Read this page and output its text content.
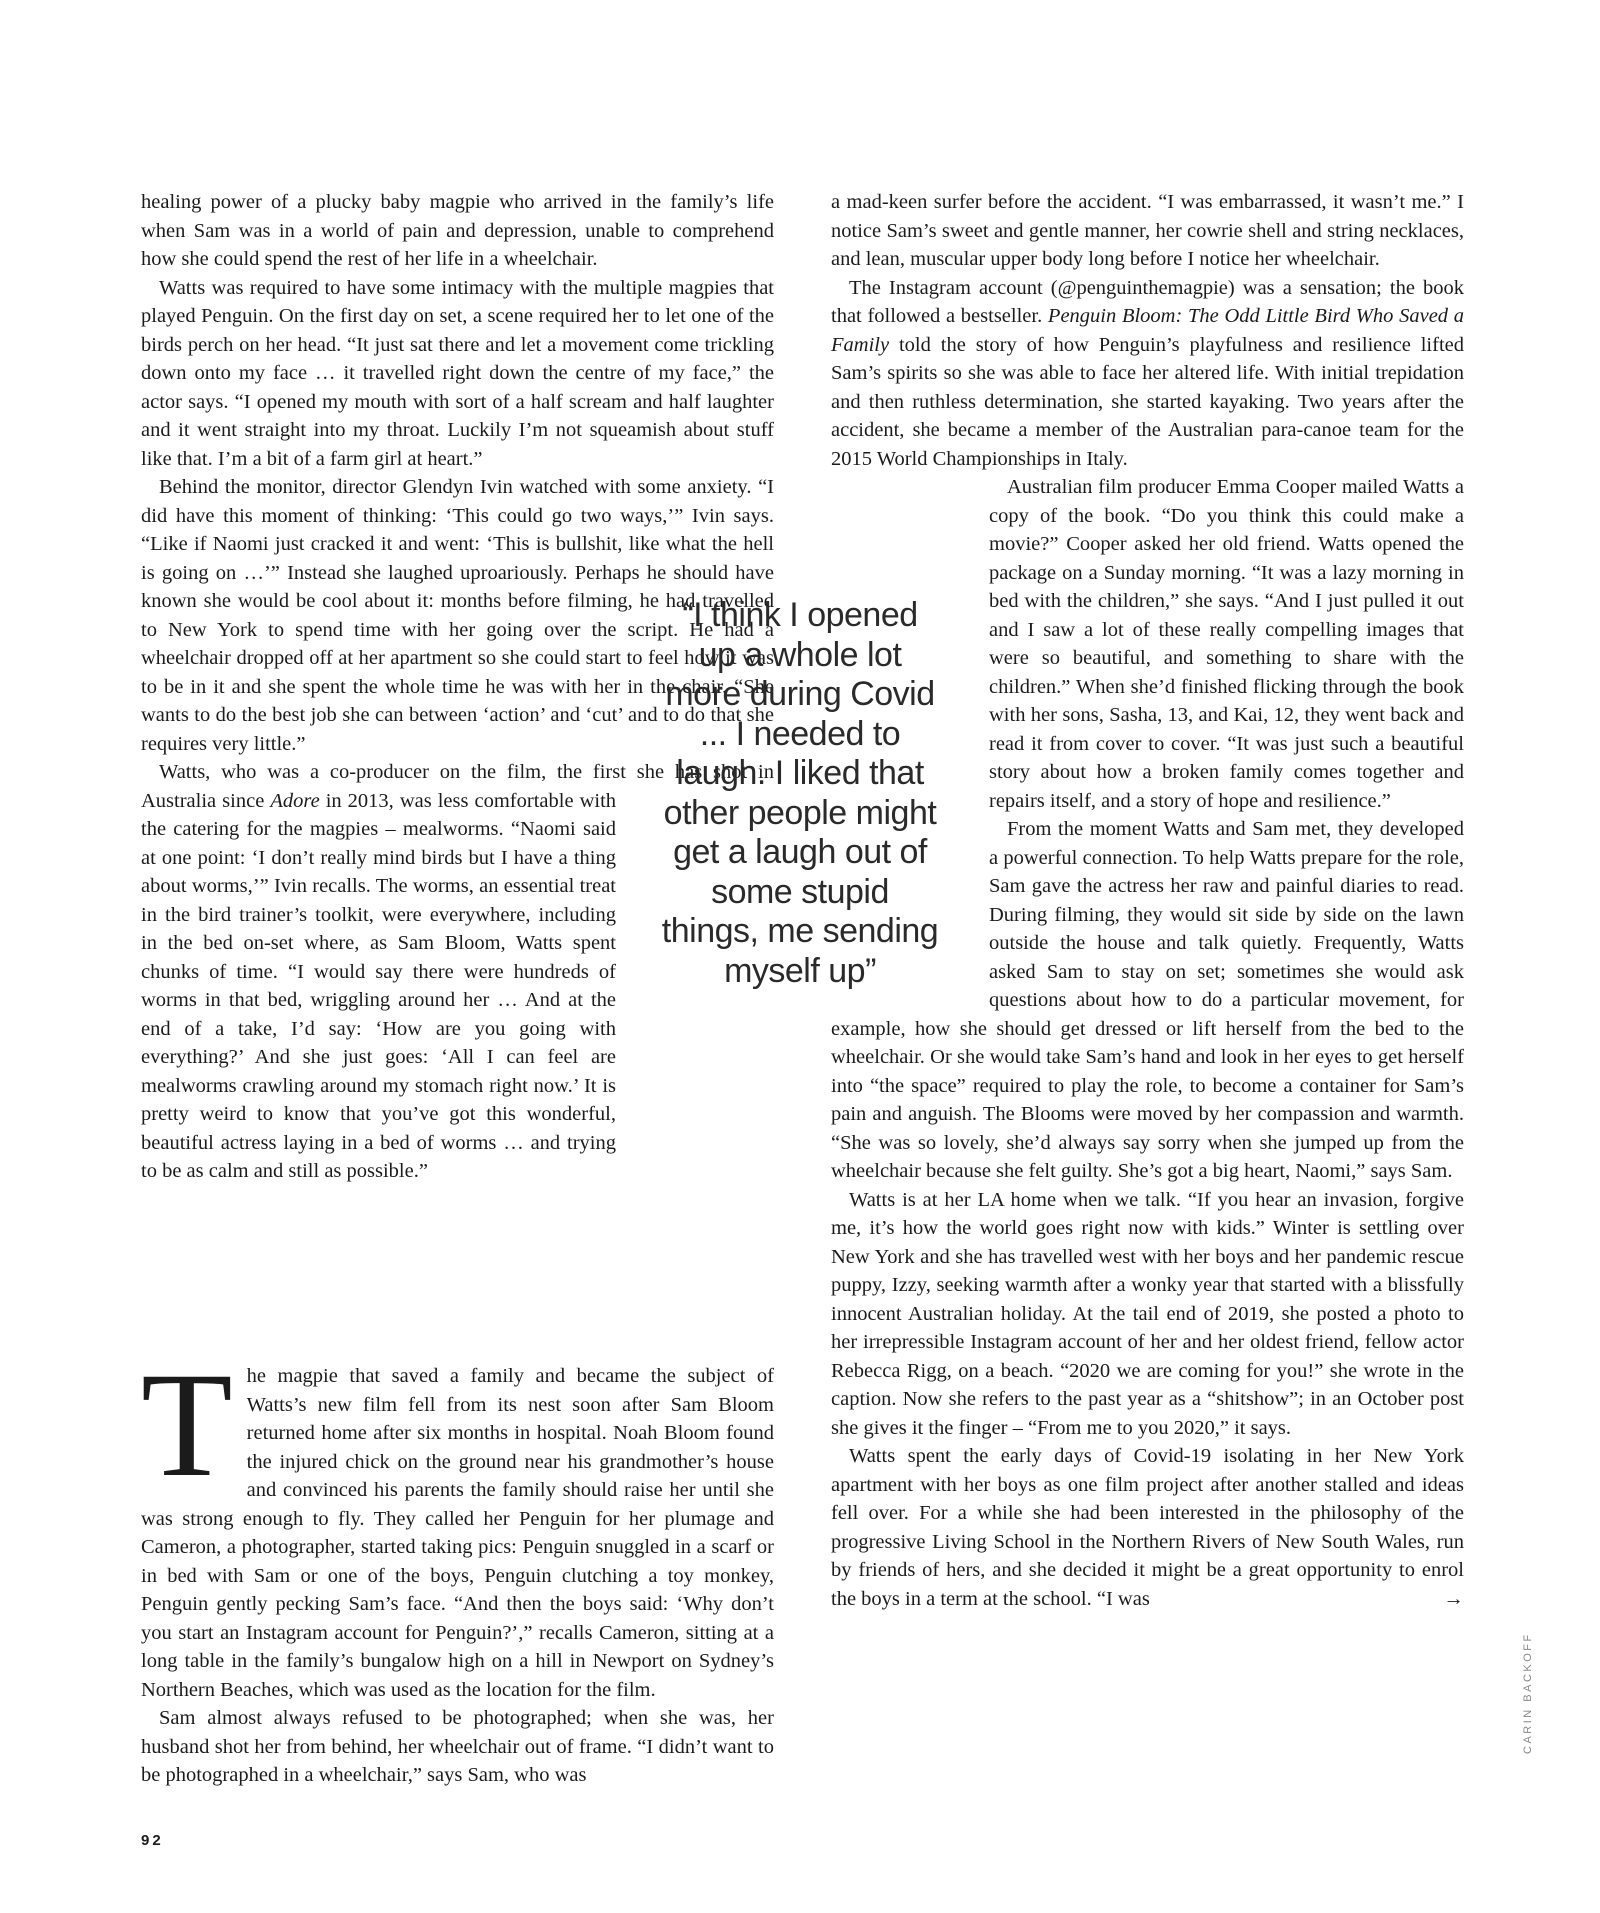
healing power of a plucky baby magpie who arrived in the family’s life when Sam was in a world of pain and depression, unable to comprehend how she could spend the rest of her life in a wheelchair.

Watts was required to have some intimacy with the multiple magpies that played Penguin. On the first day on set, a scene required her to let one of the birds perch on her head. “It just sat there and let a movement come trickling down onto my face … it travelled right down the centre of my face,” the actor says. “I opened my mouth with sort of a half scream and half laughter and it went straight into my throat. Luckily I’m not squeamish about stuff like that. I’m a bit of a farm girl at heart.”

Behind the monitor, director Glendyn Ivin watched with some anxiety. “I did have this moment of thinking: ‘This could go two ways,’” Ivin says. “Like if Naomi just cracked it and went: ‘This is bullshit, like what the hell is going on …’” Instead she laughed uproariously. Perhaps he should have known she would be cool about it: months before filming, he had travelled to New York to spend time with her going over the script. He had a wheelchair dropped off at her apartment so she could start to feel how it was to be in it and she spent the whole time he was with her in the chair. “She wants to do the best job she can between ‘action’ and ‘cut’ and to do that she requires very little.”

Watts, who was a co-producer on the film, the first she has shot in Australia since Adore in 2013, was less comfortable with the catering for the magpies – mealworms. “Naomi said at one point: ‘I don’t really mind birds but I have a thing about worms,’” Ivin recalls. The worms, an essential treat in the bird trainer’s toolkit, were everywhere, including in the bed on-set where, as Sam Bloom, Watts spent chunks of time. “I would say there were hundreds of worms in that bed, wriggling around her … And at the end of a take, I’d say: ‘How are you going with everything?’ And she just goes: ‘All I can feel are mealworms crawling around my stomach right now.’ It is pretty weird to know that you’ve got this wonderful, beautiful actress laying in a bed of worms … and trying to be as calm and still as possible.”

The magpie that saved a family and became the subject of Watts’s new film fell from its nest soon after Sam Bloom returned home after six months in hospital. Noah Bloom found the injured chick on the ground near his grandmother’s house and convinced his parents the family should raise her until she was strong enough to fly. They called her Penguin for her plumage and Cameron, a photographer, started taking pics: Penguin snuggled in a scarf or in bed with Sam or one of the boys, Penguin clutching a toy monkey, Penguin gently pecking Sam’s face. “And then the boys said: ‘Why don’t you start an Instagram account for Penguin?’,” recalls Cameron, sitting at a long table in the family’s bungalow high on a hill in Newport on Sydney’s Northern Beaches, which was used as the location for the film.

Sam almost always refused to be photographed; when she was, her husband shot her from behind, her wheelchair out of frame. “I didn’t want to be photographed in a wheelchair,” says Sam, who was

a mad-keen surfer before the accident. “I was embarrassed, it wasn’t me.” I notice Sam’s sweet and gentle manner, her cowrie shell and string necklaces, and lean, muscular upper body long before I notice her wheelchair.

The Instagram account (@penguinthemagpie) was a sensation; the book that followed a bestseller. Penguin Bloom: The Odd Little Bird Who Saved a Family told the story of how Penguin’s playfulness and resilience lifted Sam’s spirits so she was able to face her altered life. With initial trepidation and then ruthless determination, she started kayaking. Two years after the accident, she became a member of the Australian para-canoe team for the 2015 World Championships in Italy.

Australian film producer Emma Cooper mailed Watts a copy of the book. “Do you think this could make a movie?” Cooper asked her old friend. Watts opened the package on a Sunday morning. “It was a lazy morning in bed with the children,” she says. “And I just pulled it out and I saw a lot of these really compelling images that were so beautiful, and something to share with the children.” When she’d finished flicking through the book with her sons, Sasha, 13, and Kai, 12, they went back and read it from cover to cover. “It was just such a beautiful story about how a broken family comes together and repairs itself, and a story of hope and resilience.”

From the moment Watts and Sam met, they developed a powerful connection. To help Watts prepare for the role, Sam gave the actress her raw and painful diaries to read. During filming, they would sit side by side on the lawn outside the house and talk quietly. Frequently, Watts asked Sam to stay on set; sometimes she would ask questions about how to do a particular movement, for example, how she should get dressed or lift herself from the bed to the wheelchair. Or she would take Sam’s hand and look in her eyes to get herself into “the space” required to play the role, to become a container for Sam’s pain and anguish. The Blooms were moved by her compassion and warmth. “She was so lovely, she’d always say sorry when she jumped up from the wheelchair because she felt guilty. She’s got a big heart, Naomi,” says Sam.

Watts is at her LA home when we talk. “If you hear an invasion, forgive me, it’s how the world goes right now with kids.” Winter is settling over New York and she has travelled west with her boys and her pandemic rescue puppy, Izzy, seeking warmth after a wonky year that started with a blissfully innocent Australian holiday. At the tail end of 2019, she posted a photo to her irrepressible Instagram account of her and her oldest friend, fellow actor Rebecca Rigg, on a beach. “2020 we are coming for you!” she wrote in the caption. Now she refers to the past year as a “shitshow”; in an October post she gives it the finger – “From me to you 2020,” it says.

Watts spent the early days of Covid-19 isolating in her New York apartment with her boys as one film project after another stalled and ideas fell over. For a while she had been interested in the philosophy of the progressive Living School in the Northern Rivers of New South Wales, run by friends of hers, and she decided it might be a great opportunity to enrol the boys in a term at the school. “I was	→

“I think I opened up a whole lot more during Covid ... I needed to laugh. I liked that other people might get a laugh out of some stupid things, me sending myself up”
92
CARIN BACKOFF
